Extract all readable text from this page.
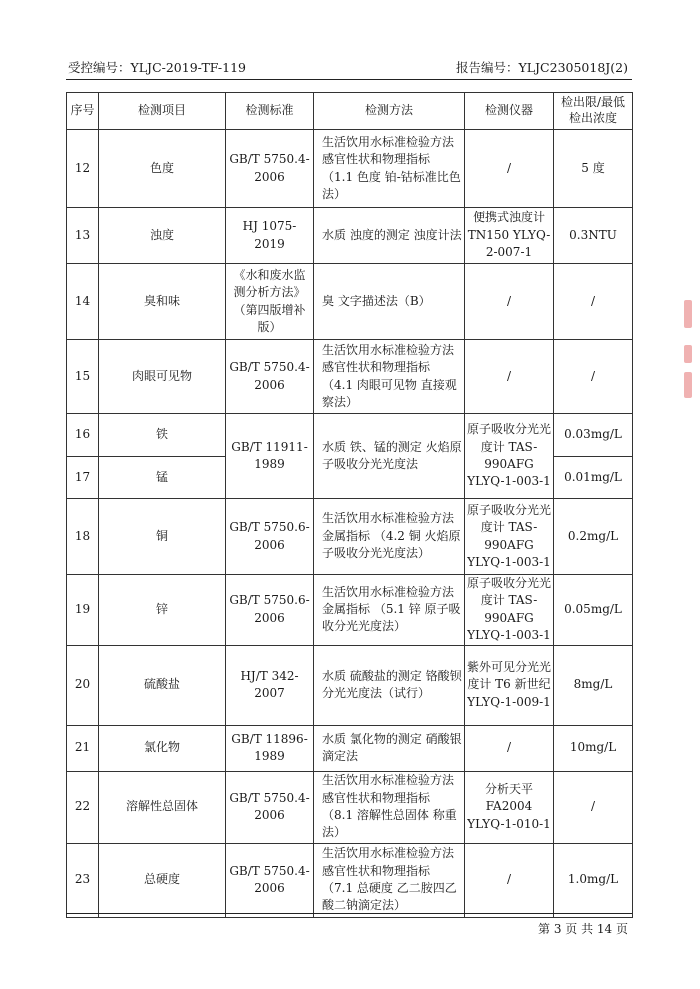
受控编号：YLJC-2019-TF-119	报告编号：YLJC2305018J(2)
序号	检测项目	检测标准	检测方法	检测仪器	检出限/最低检出浓度
12	色度	GB/T 5750.4-2006	生活饮用水标准检验方法 感官性状和物理指标 （1.1 色度 铂-钴标准比色法）	/	5 度
13	浊度	HJ 1075-2019	水质 浊度的测定 浊度计法	便携式浊度计 TN150 YLYQ-2-007-1	0.3NTU
14	臭和味	《水和废水监测分析方法》（第四版增补版）	臭 文字描述法（B）	/	/
15	肉眼可见物	GB/T 5750.4-2006	生活饮用水标准检验方法 感官性状和物理指标 （4.1 肉眼可见物 直接观察法）	/	/
16	铁	GB/T 11911-1989	水质 铁、锰的测定 火焰原子吸收分光光度法	原子吸收分光光度计 TAS-990AFG YLYQ-1-003-1	0.03mg/L
17	锰				0.01mg/L
18	铜	GB/T 5750.6-2006	生活饮用水标准检验方法 金属指标 （4.2 铜 火焰原子吸收分光光度法）	原子吸收分光光度计 TAS-990AFG YLYQ-1-003-1	0.2mg/L
19	锌	GB/T 5750.6-2006	生活饮用水标准检验方法 金属指标 （5.1 锌 原子吸收分光光度法）	原子吸收分光光度计 TAS-990AFG YLYQ-1-003-1	0.05mg/L
20	硫酸盐	HJ/T 342-2007	水质 硫酸盐的测定 铬酸钡分光光度法（试行）	紫外可见分光光度计 T6 新世纪 YLYQ-1-009-1	8mg/L
21	氯化物	GB/T 11896-1989	水质 氯化物的测定 硝酸银滴定法	/	10mg/L
22	溶解性总固体	GB/T 5750.4-2006	生活饮用水标准检验方法 感官性状和物理指标 （8.1 溶解性总固体 称重法）	分析天平 FA2004 YLYQ-1-010-1	/
23	总硬度	GB/T 5750.4-2006	生活饮用水标准检验方法 感官性状和物理指标 （7.1 总硬度 乙二胺四乙酸二钠滴定法）	/	1.0mg/L
第 3 页 共 14 页
